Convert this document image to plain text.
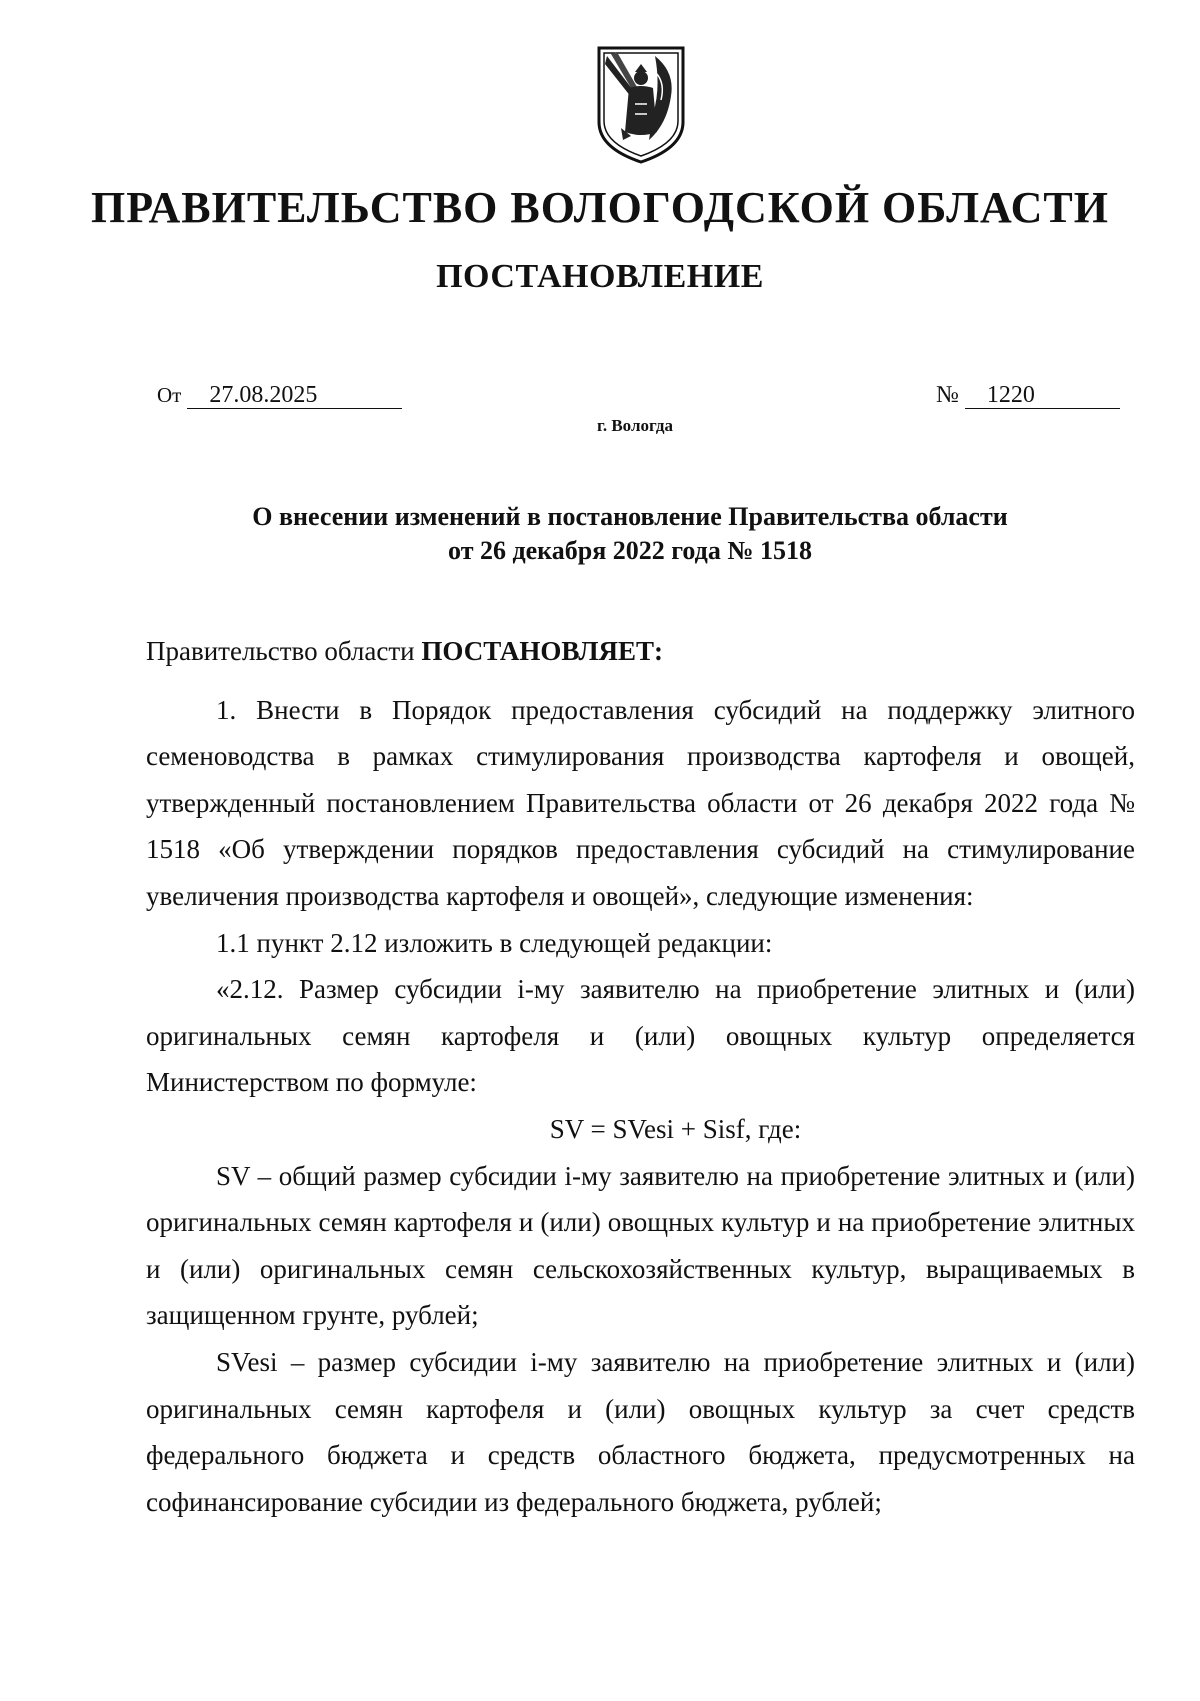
ПРАВИТЕЛЬСТВО ВОЛОГОДСКОЙ ОБЛАСТИ
ПОСТАНОВЛЕНИЕ
От 27.08.2025	№ 1220
г. Вологда
О внесении изменений в постановление Правительства области
от 26 декабря 2022 года № 1518

Правительство области ПОСТАНОВЛЯЕТ:

1. Внести в Порядок предоставления субсидий на поддержку элитного семеноводства в рамках стимулирования производства картофеля и овощей, утвержденный постановлением Правительства области от 26 декабря 2022 года № 1518 «Об утверждении порядков предоставления субсидий на стимулирование увеличения производства картофеля и овощей», следующие изменения:

1.1 пункт 2.12 изложить в следующей редакции:

«2.12. Размер субсидии i-му заявителю на приобретение элитных и (или) оригинальных семян картофеля и (или) овощных культур определяется Министерством по формуле:

SV = SVesi + Sisf, где:

SV – общий размер субсидии i-му заявителю на приобретение элитных и (или) оригинальных семян картофеля и (или) овощных культур и на приобретение элитных и (или) оригинальных семян сельскохозяйственных культур, выращиваемых в защищенном грунте, рублей;

SVesi – размер субсидии i-му заявителю на приобретение элитных и (или) оригинальных семян картофеля и (или) овощных культур за счет средств федерального бюджета и средств областного бюджета, предусмотренных на софинансирование субсидии из федерального бюджета, рублей;
